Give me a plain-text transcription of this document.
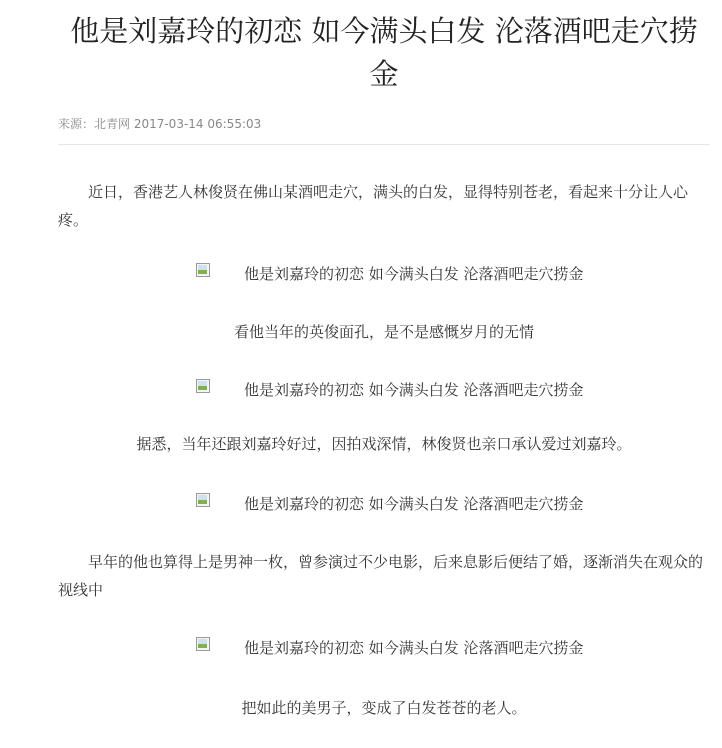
他是刘嘉玲的初恋 如今满头白发 沦落酒吧走穴捞金
来源：北青网 2017-03-14 06:55:03

近日，香港艺人林俊贤在佛山某酒吧走穴，满头的白发，显得特别苍老，看起来十分让人心疼。

他是刘嘉玲的初恋 如今满头白发 沦落酒吧走穴捞金

看他当年的英俊面孔，是不是感慨岁月的无情

他是刘嘉玲的初恋 如今满头白发 沦落酒吧走穴捞金

据悉，当年还跟刘嘉玲好过，因拍戏深情，林俊贤也亲口承认爱过刘嘉玲。

他是刘嘉玲的初恋 如今满头白发 沦落酒吧走穴捞金

早年的他也算得上是男神一枚，曾参演过不少电影，后来息影后便结了婚，逐渐消失在观众的视线中

他是刘嘉玲的初恋 如今满头白发 沦落酒吧走穴捞金

把如此的美男子，变成了白发苍苍的老人。
